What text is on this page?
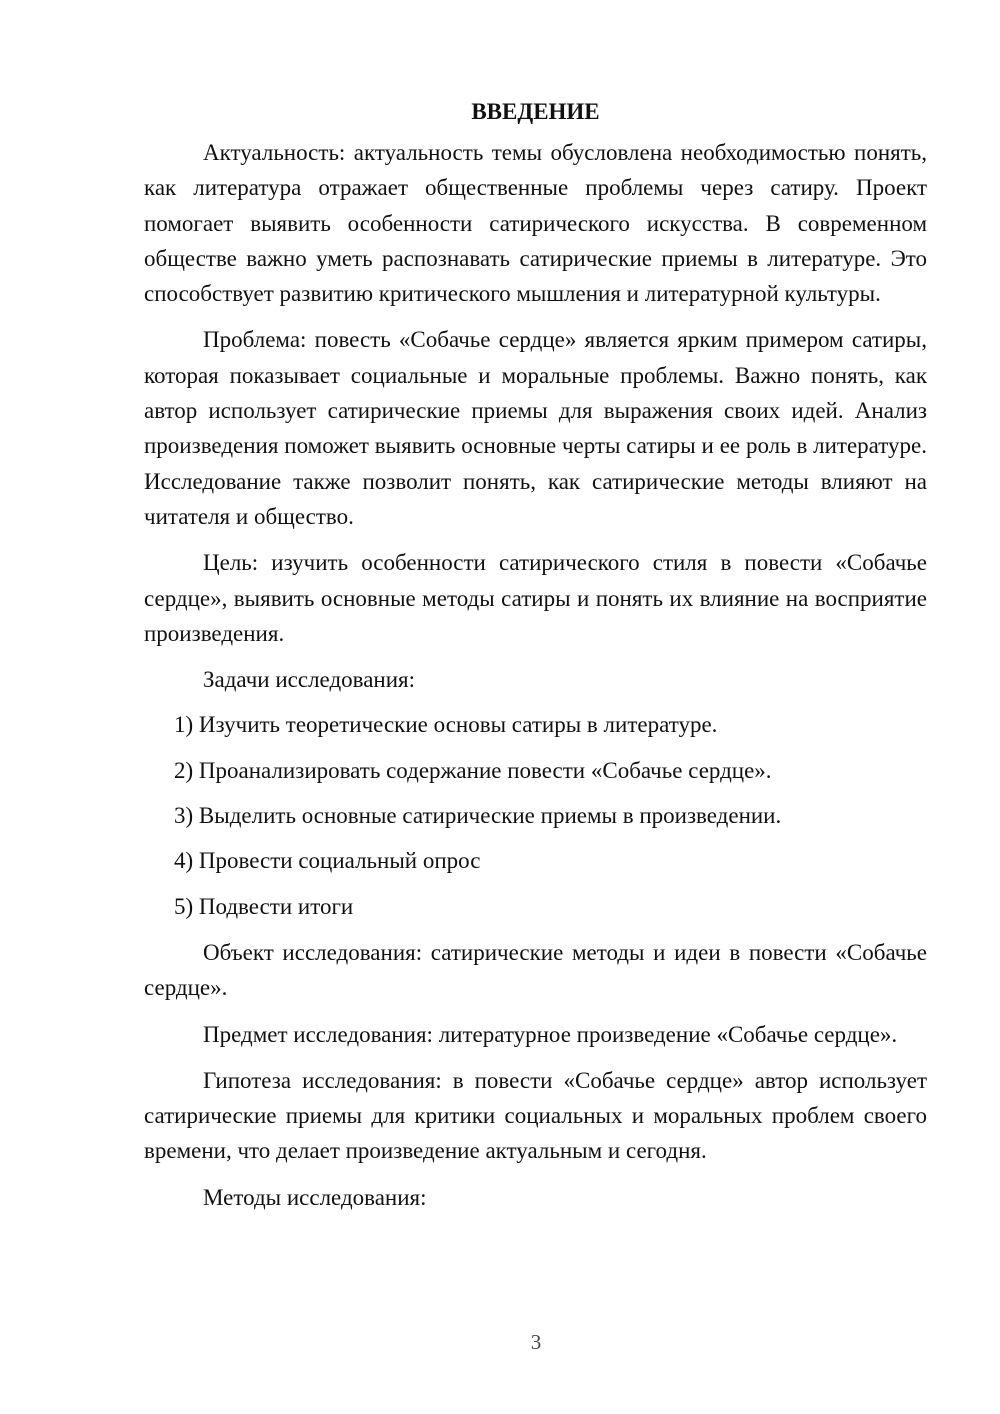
ВВЕДЕНИЕ

Актуальность: актуальность темы обусловлена необходимостью понять, как литература отражает общественные проблемы через сатиру. Проект помогает выявить особенности сатирического искусства. В современном обществе важно уметь распознавать сатирические приемы в литературе. Это способствует развитию критического мышления и литературной культуры.

Проблема: повесть «Собачье сердце» является ярким примером сатиры, которая показывает социальные и моральные проблемы. Важно понять, как автор использует сатирические приемы для выражения своих идей. Анализ произведения поможет выявить основные черты сатиры и ее роль в литературе. Исследование также позволит понять, как сатирические методы влияют на читателя и общество.

Цель: изучить особенности сатирического стиля в повести «Собачье сердце», выявить основные методы сатиры и понять их влияние на восприятие произведения.

Задачи исследования:

1) Изучить теоретические основы сатиры в литературе.
2) Проанализировать содержание повести «Собачье сердце».
3) Выделить основные сатирические приемы в произведении.
4) Провести социальный опрос
5) Подвести итоги

Объект исследования: сатирические методы и идеи в повести «Собачье сердце».

Предмет исследования: литературное произведение «Собачье сердце».

Гипотеза исследования: в повести «Собачье сердце» автор использует сатирические приемы для критики социальных и моральных проблем своего времени, что делает произведение актуальным и сегодня.

Методы исследования:

3
